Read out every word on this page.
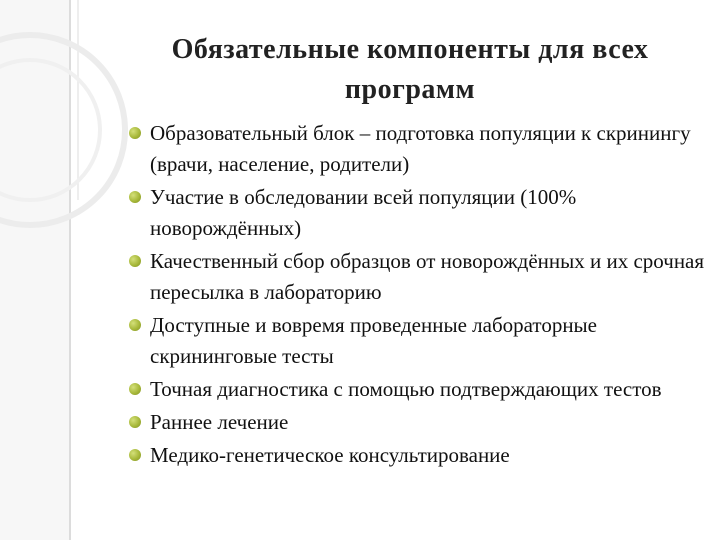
Обязательные компоненты для всех
программ
Образовательный блок – подготовка популяции к скринингу (врачи, население, родители)
Участие в обследовании всей популяции (100% новорождённых)
Качественный сбор образцов от новорождённых и их срочная пересылка в лабораторию
Доступные и вовремя проведенные лабораторные скрининговые тесты
Точная диагностика с помощью подтверждающих тестов
Раннее лечение
Медико-генетическое консультирование
